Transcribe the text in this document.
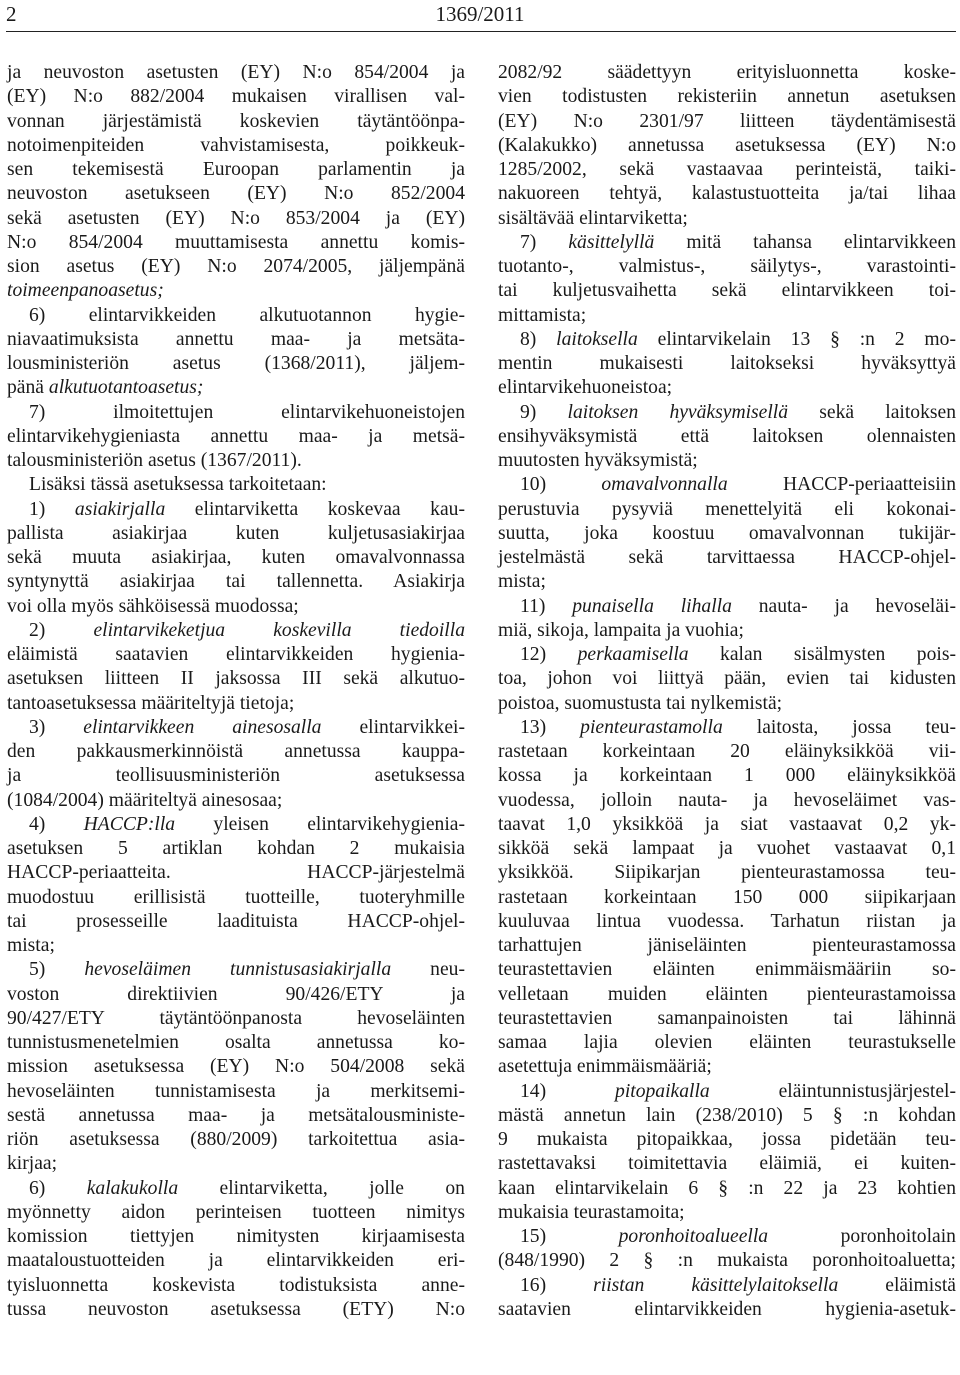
2	1369/2011
ja neuvoston asetusten (EY) N:o 854/2004 ja
(EY) N:o 882/2004 mukaisen virallisen val-
vonnan järjestämistä koskevien täytäntöönpa-
notoimenpiteiden vahvistamisesta, poikkeuk-
sen tekemisestä Euroopan parlamentin ja
neuvoston asetukseen (EY) N:o 852/2004
sekä asetusten (EY) N:o 853/2004 ja (EY)
N:o 854/2004 muuttamisesta annettu komis-
sion asetus (EY) N:o 2074/2005, jäljempänä
toimeenpanoasetus;
6) elintarvikkeiden alkutuotannon hygie-
niavaatimuksista annettu maa- ja metsäta-
lousministeriön asetus (1368/2011), jäljem-
pänä alkutuotantoasetus;
7) ilmoitettujen elintarvikehuoneistojen
elintarvikehygieniasta annettu maa- ja metsä-
talousministeriön asetus (1367/2011).
Lisäksi tässä asetuksessa tarkoitetaan:
1) asiakirjalla elintarviketta koskevaa kau-
pallista asiakirjaa kuten kuljetusasiakirjaa
sekä muuta asiakirjaa, kuten omavalvonnassa
syntynyttä asiakirjaa tai tallennetta. Asiakirja
voi olla myös sähköisessä muodossa;
2) elintarvikeketjua koskevilla tiedoilla
eläimistä saatavien elintarvikkeiden hygienia-
asetuksen liitteen II jaksossa III sekä alkutuo-
tantoasetuksessa määriteltyjä tietoja;
3) elintarvikkeen ainesosalla elintarvikkei-
den pakkausmerkinnöistä annetussa kauppa-
ja teollisuusministeriön asetuksessa
(1084/2004) määriteltyä ainesosaa;
4) HACCP:lla yleisen elintarvikehygienia-
asetuksen 5 artiklan kohdan 2 mukaisia
HACCP-periaatteita. HACCP-järjestelmä
muodostuu erillisistä tuotteille, tuoteryhmille
tai prosesseille laadituista HACCP-ohjel-
mista;
5) hevoseläimen tunnistusasiakirjalla neu-
voston direktiivien 90/426/ETY ja
90/427/ETY täytäntöönpanosta hevoseläinten
tunnistusmenetelmien osalta annetussa ko-
mission asetuksessa (EY) N:o 504/2008 sekä
hevoseläinten tunnistamisesta ja merkitsemi-
sestä annetussa maa- ja metsätalousministe-
riön asetuksessa (880/2009) tarkoitettua asia-
kirjaa;
6) kalakukolla elintarviketta, jolle on
myönnetty aidon perinteisen tuotteen nimitys
komission tiettyjen nimitysten kirjaamisesta
maataloustuotteiden ja elintarvikkeiden eri-
tyisluonnetta koskevista todistuksista anne-
tussa neuvoston asetuksessa (ETY) N:o
2082/92 säädettyyn erityisluonnetta koske-
vien todistusten rekisteriin annetun asetuksen
(EY) N:o 2301/97 liitteen täydentämisestä
(Kalakukko) annetussa asetuksessa (EY) N:o
1285/2002, sekä vastaavaa perinteistä, taiki-
nakuoreen tehtyä, kalastustuotteita ja/tai lihaa
sisältävää elintarviketta;
7) käsittelyllä mitä tahansa elintarvikkeen
tuotanto-, valmistus-, säilytys-, varastointi-
tai kuljetusvaihetta sekä elintarvikkeen toi-
mittamista;
8) laitoksella elintarvikelain 13 § :n 2 mo-
mentin mukaisesti laitokseksi hyväksyttyä
elintarvikehuoneistoa;
9) laitoksen hyväksymisellä sekä laitoksen
ensihyväksymistä että laitoksen olennaisten
muutosten hyväksymistä;
10) omavalvonnalla HACCP-periaatteisiin
perustuvia pysyviä menettelyitä eli kokonai-
suutta, joka koostuu omavalvonnan tukijär-
jestelmästä sekä tarvittaessa HACCP-ohjel-
mista;
11) punaisella lihalla nauta- ja hevoseläi-
miä, sikoja, lampaita ja vuohia;
12) perkaamisella kalan sisälmysten pois-
toa, johon voi liittyä pään, evien tai kidusten
poistoa, suomustusta tai nylkemistä;
13) pienteurastamolla laitosta, jossa teu-
rastetaan korkeintaan 20 eläinyksikköä vii-
kossa ja korkeintaan 1 000 eläinyksikköä
vuodessa, jolloin nauta- ja hevoseläimet vas-
taavat 1,0 yksikköä ja siat vastaavat 0,2 yk-
sikköä sekä lampaat ja vuohet vastaavat 0,1
yksikköä. Siipikarjan pienteurastamossa teu-
rastetaan korkeintaan 150 000 siipikarjaan
kuuluvaa lintua vuodessa. Tarhatun riistan ja
tarhattujen jäniseläinten pienteurastamossa
teurastettavien eläinten enimmäismääriin so-
velletaan muiden eläinten pienteurastamoissa
teurastettavien samanpainoisten tai lähinnä
samaa lajia olevien eläinten teurastukselle
asetettuja enimmäismääriä;
14) pitopaikalla eläintunnistusjärjestel-
mästä annetun lain (238/2010) 5 § :n kohdan
9 mukaista pitopaikkaa, jossa pidetään teu-
rastettavaksi toimitettavia eläimiä, ei kuiten-
kaan elintarvikelain 6 § :n 22 ja 23 kohtien
mukaisia teurastamoita;
15) poronhoitoalueella poronhoitolain
(848/1990) 2 § :n mukaista poronhoitoaluetta;
16) riistan käsittelylaitoksella eläimistä
saatavien elintarvikkeiden hygienia-asetuk-
